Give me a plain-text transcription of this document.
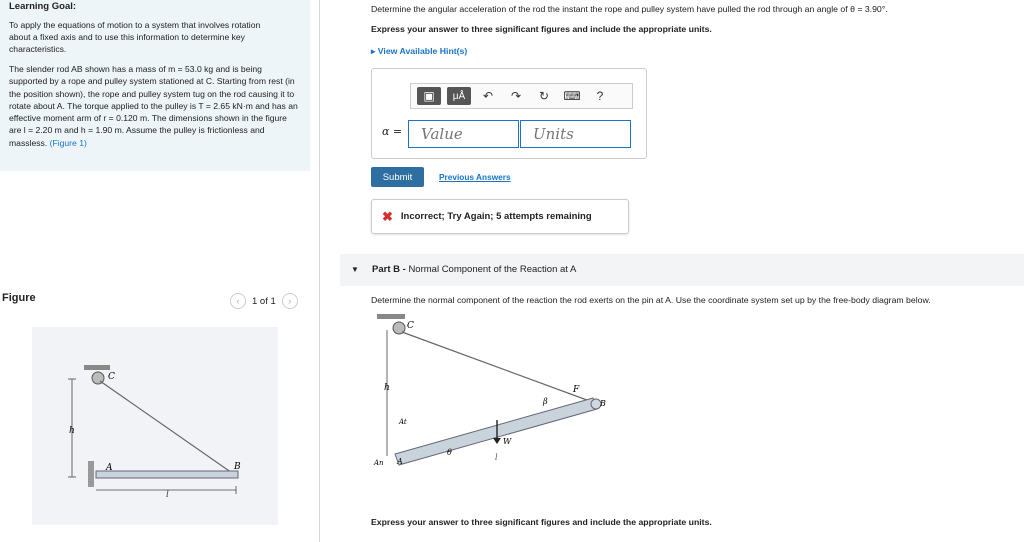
Learning Goal:
To apply the equations of motion to a system that involves rotation about a fixed axis and to use this information to determine key characteristics.
The slender rod AB shown has a mass of m = 53.0 kg and is being supported by a rope and pulley system stationed at C. Starting from rest (in the position shown), the rope and pulley system tug on the rod causing it to rotate about A. The torque applied to the pulley is T = 2.65 kN·m and has an effective moment arm of r = 0.120 m. The dimensions shown in the figure are l = 2.20 m and h = 1.90 m. Assume the pulley is frictionless and massless. (Figure 1)
Figure	‹	1 of 1	›
C
A	B
h
l
Determine the angular acceleration of the rod the instant the rope and pulley system have pulled the rod through an angle of θ = 3.90°.
Express your answer to three significant figures and include the appropriate units.
▸ View Available Hint(s)
▣	μÅ	↶	↷	↻	⌨	?
α =
Value
Units
Submit	Previous Answers
✖ Incorrect; Try Again; 5 attempts remaining
▼ Part B - Normal Component of the Reaction at A
Determine the normal component of the reaction the rod exerts on the pin at A. Use the coordinate system set up by the free-body diagram below.
C
h	F
β	B
W
θ
l
At
An A
Express your answer to three significant figures and include the appropriate units.
